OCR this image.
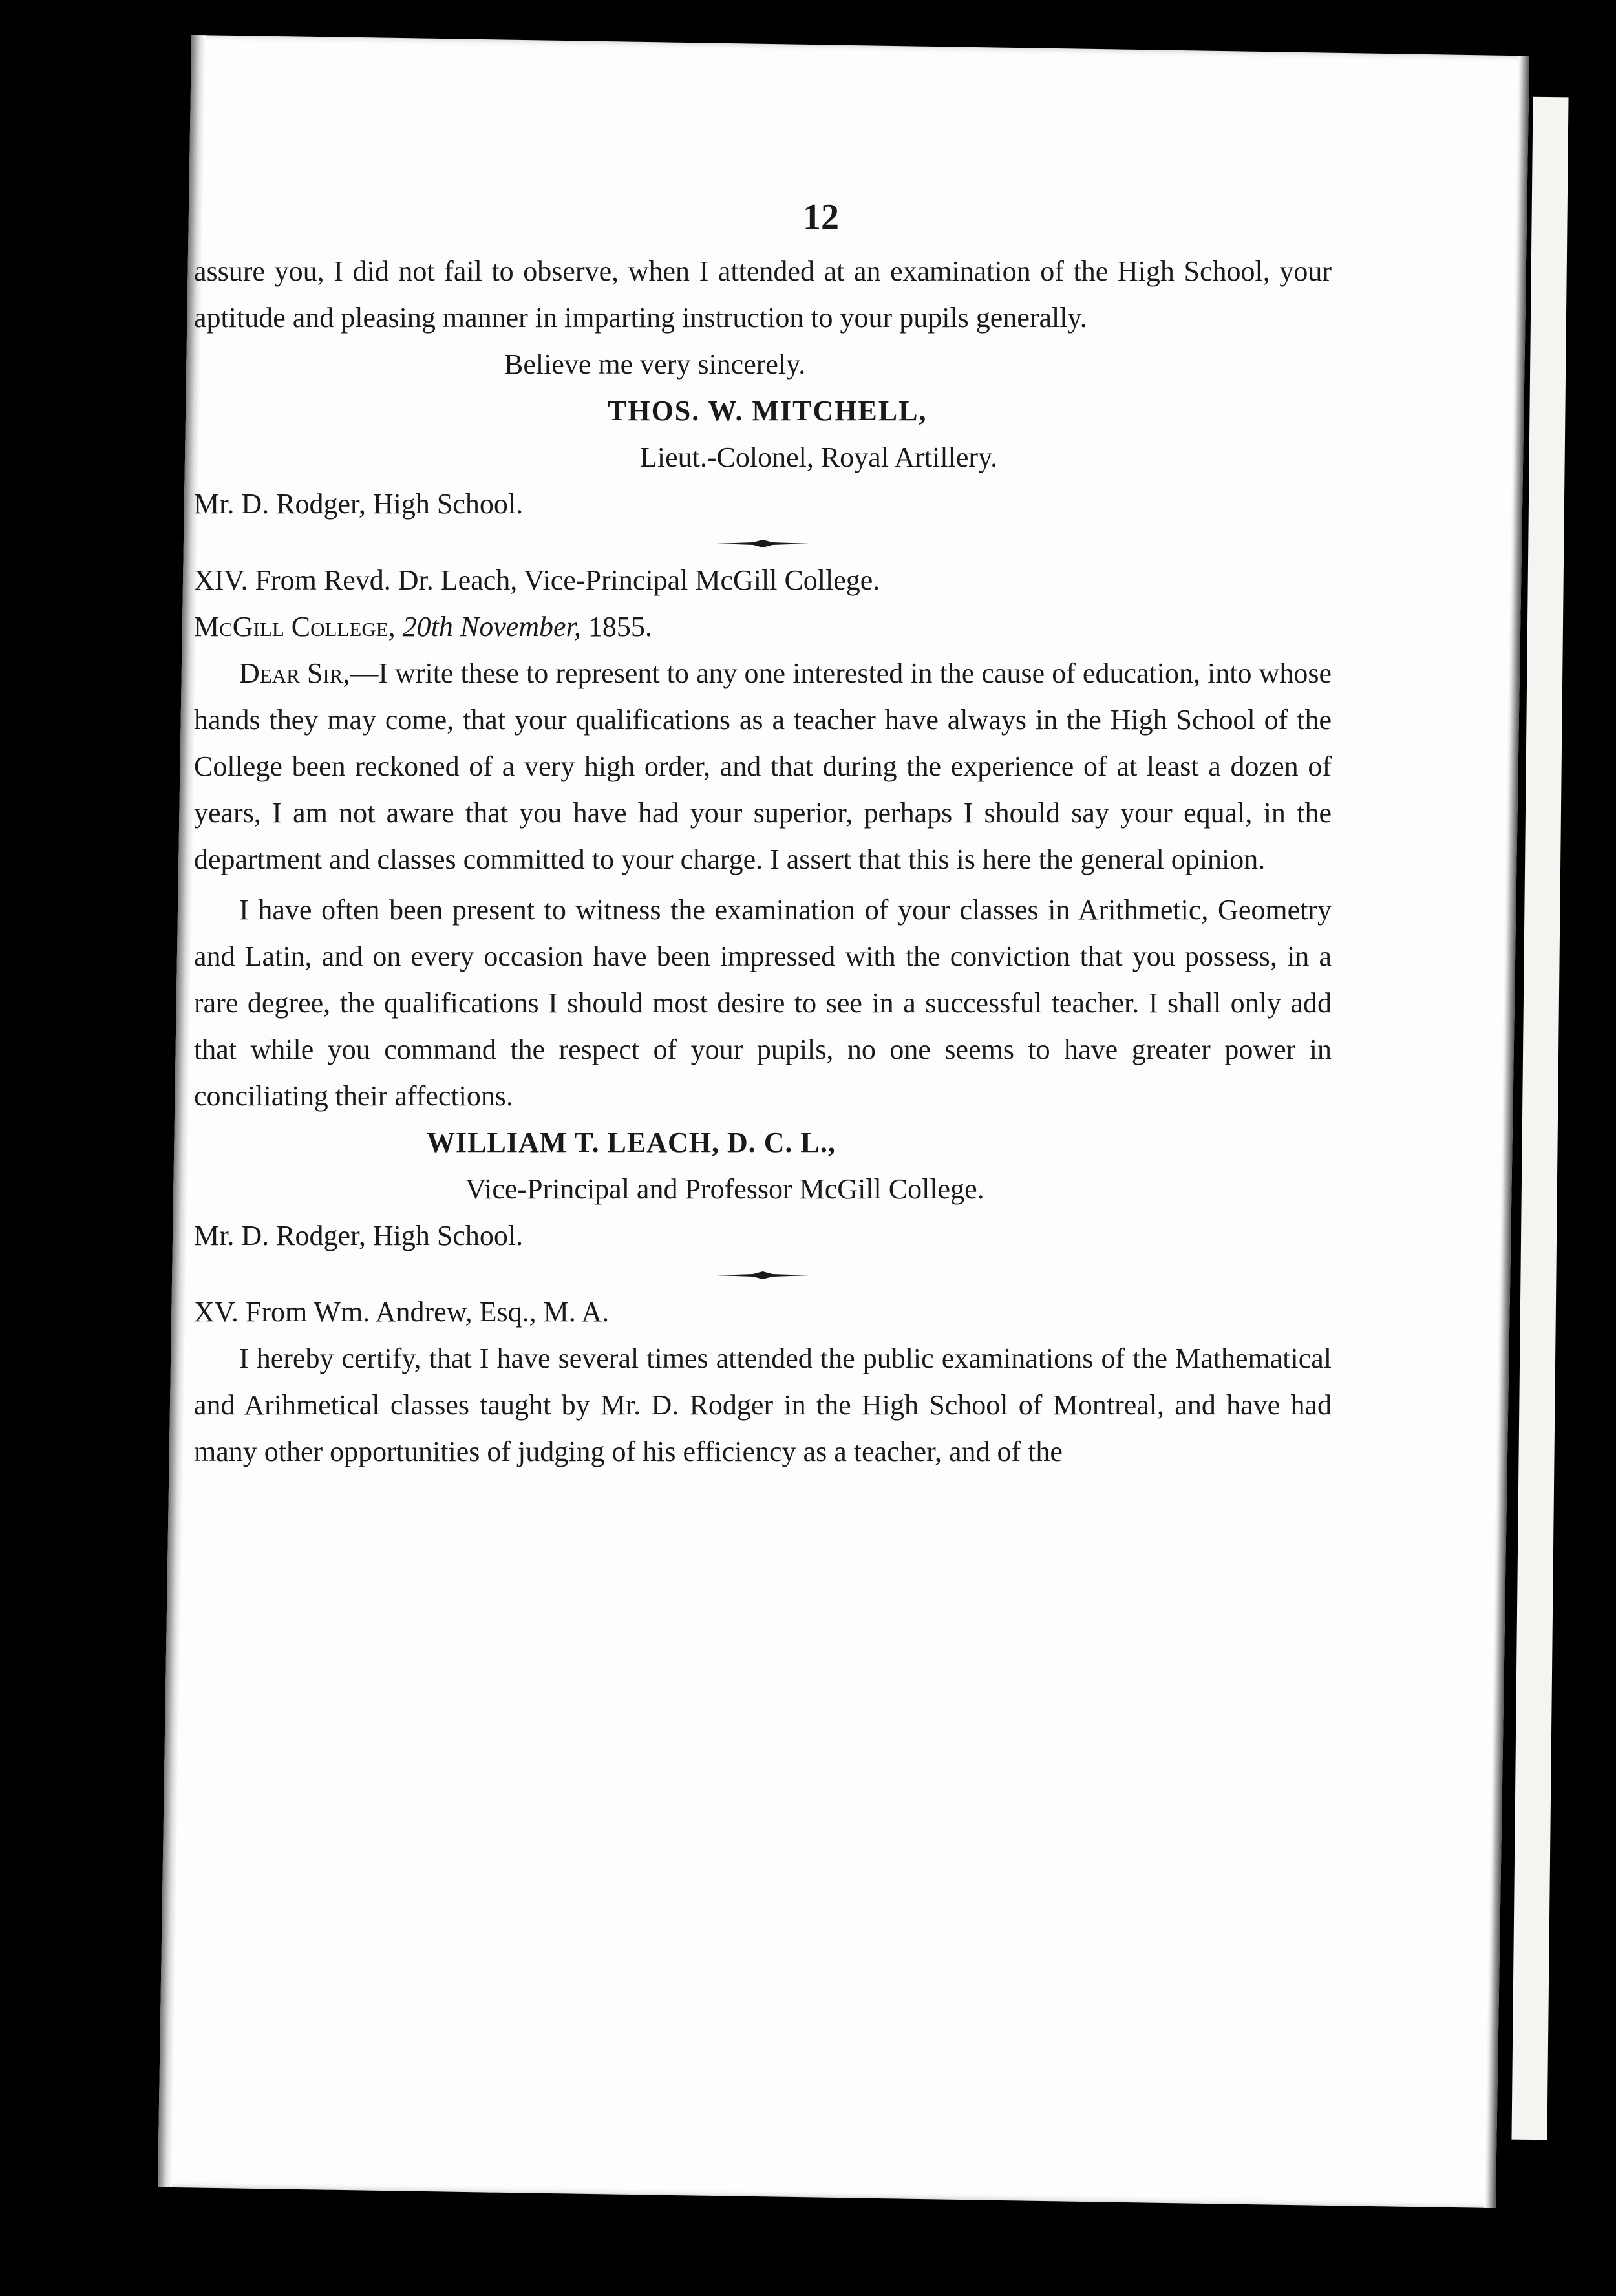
12

assure you, I did not fail to observe, when I attended at an examination of the High School, your aptitude and pleasing manner in imparting instruction to your pupils generally.

Believe me very sincerely.

THOS. W. MITCHELL,

Lieut.-Colonel, Royal Artillery.

Mr. D. Rodger, High School.

XIV. From Revd. Dr. Leach, Vice-Principal McGill College.

McGill College, 20th November, 1855.

Dear Sir,—I write these to represent to any one interested in the cause of education, into whose hands they may come, that your qualifications as a teacher have always in the High School of the College been reckoned of a very high order, and that during the experience of at least a dozen of years, I am not aware that you have had your superior, perhaps I should say your equal, in the department and classes committed to your charge. I assert that this is here the general opinion.

I have often been present to witness the examination of your classes in Arithmetic, Geometry and Latin, and on every occasion have been impressed with the conviction that you possess, in a rare degree, the qualifications I should most desire to see in a successful teacher. I shall only add that while you command the respect of your pupils, no one seems to have greater power in conciliating their affections.

WILLIAM T. LEACH, D. C. L.,

Vice-Principal and Professor McGill College.

Mr. D. Rodger, High School.

XV. From Wm. Andrew, Esq., M. A.

I hereby certify, that I have several times attended the public examinations of the Mathematical and Arihmetical classes taught by Mr. D. Rodger in the High School of Montreal, and have had many other opportunities of judging of his efficiency as a teacher, and of the
